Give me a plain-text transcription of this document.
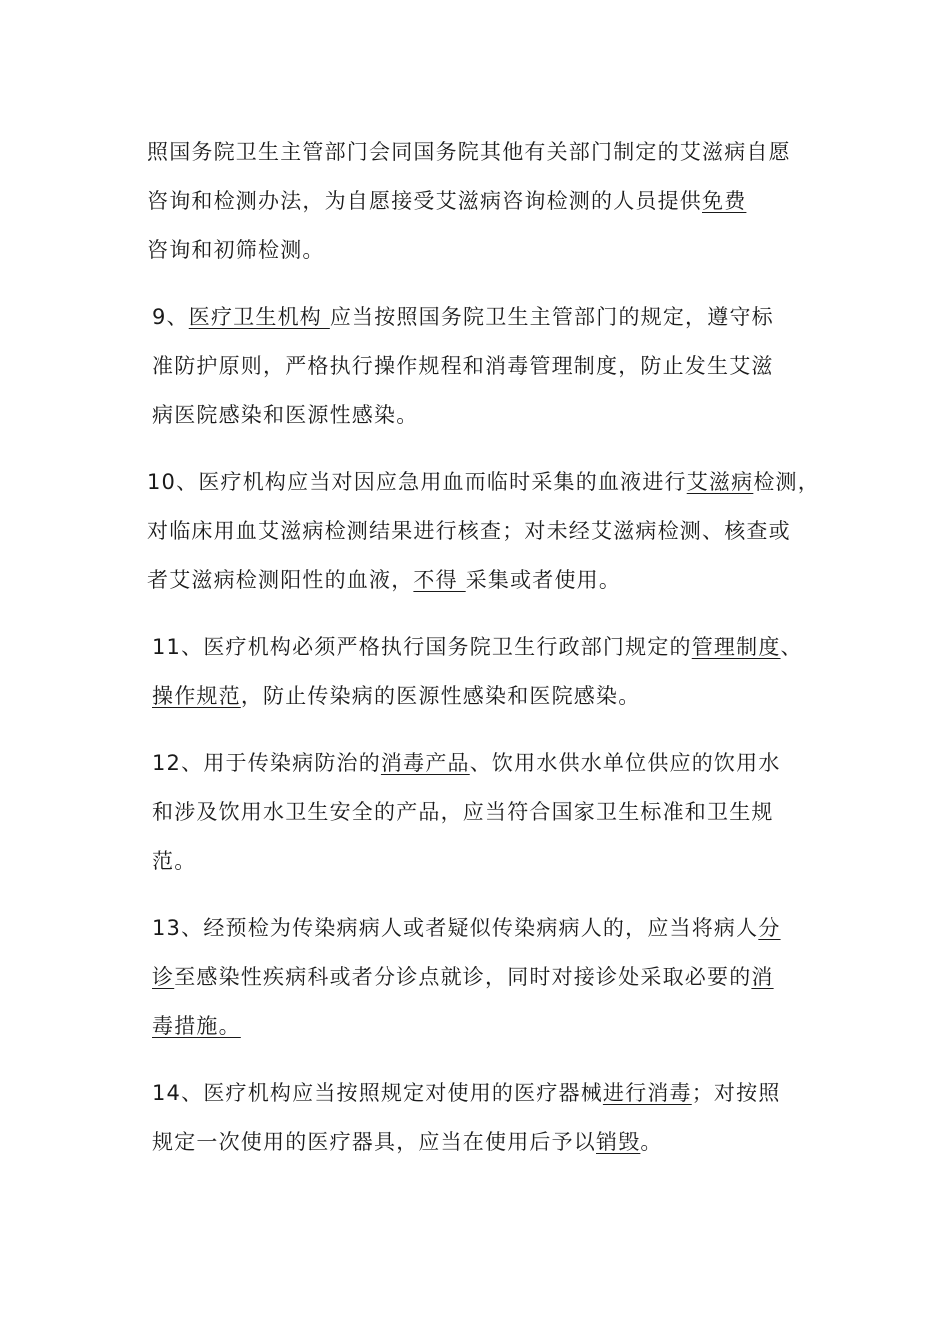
照国务院卫生主管部门会同国务院其他有关部门制定的艾滋病自愿
咨询和检测办法，为自愿接受艾滋病咨询检测的人员提供免费
咨询和初筛检测。
9、医疗卫生机构 应当按照国务院卫生主管部门的规定，遵守标
准防护原则，严格执行操作规程和消毒管理制度，防止发生艾滋
病医院感染和医源性感染。
10、医疗机构应当对因应急用血而临时采集的血液进行艾滋病检测，
对临床用血艾滋病检测结果进行核查；对未经艾滋病检测、核查或
者艾滋病检测阳性的血液，不得 采集或者使用。
11、医疗机构必须严格执行国务院卫生行政部门规定的管理制度、
操作规范，防止传染病的医源性感染和医院感染。
12、用于传染病防治的消毒产品、饮用水供水单位供应的饮用水
和涉及饮用水卫生安全的产品，应当符合国家卫生标准和卫生规
范。
13、经预检为传染病病人或者疑似传染病病人的，应当将病人分
诊至感染性疾病科或者分诊点就诊，同时对接诊处采取必要的消
毒措施。
14、医疗机构应当按照规定对使用的医疗器械进行消毒；对按照
规定一次使用的医疗器具，应当在使用后予以销毁。
